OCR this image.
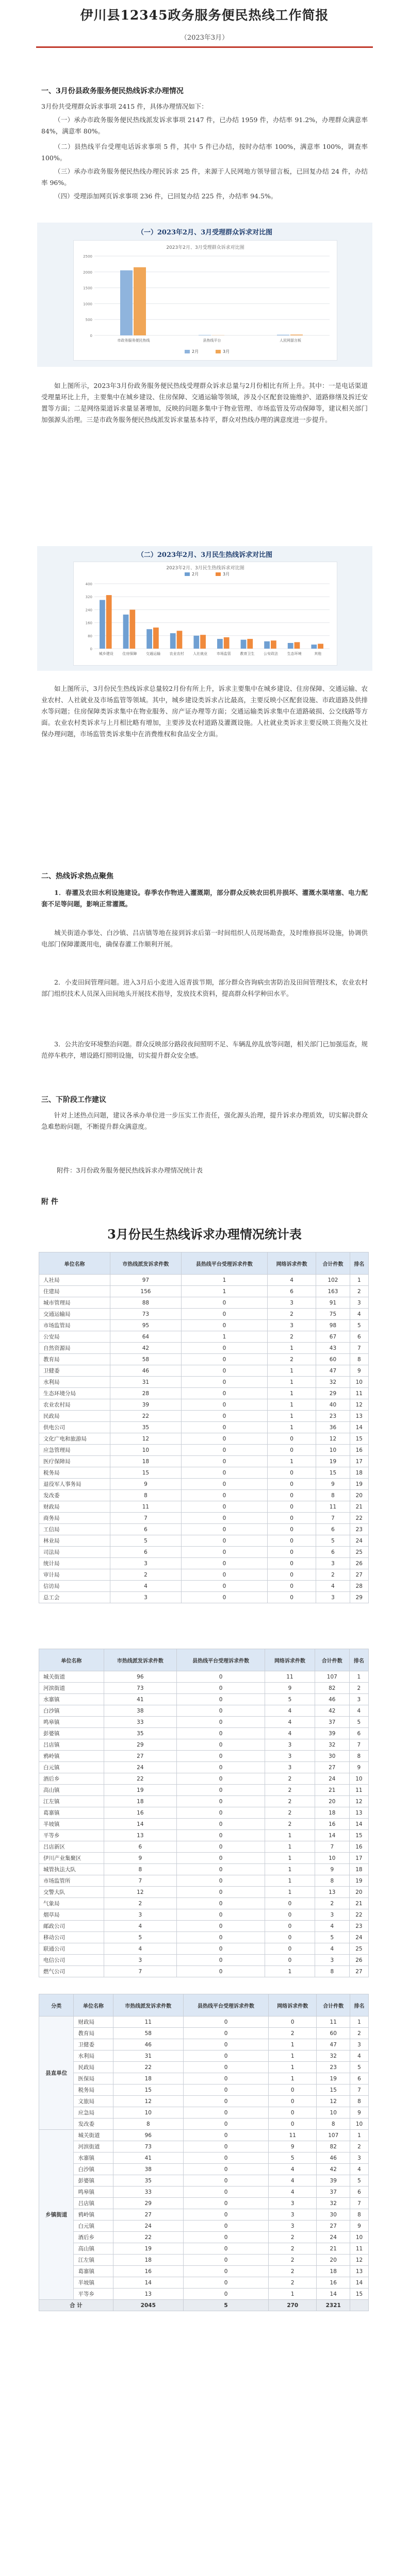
伊川县12345政务服务便民热线工作简报
（2023年3月）
一、3月份县政务服务便民热线诉求办理情况
3月份共受理群众诉求事项 2415 件，具体办理情况如下：
（一）承办市政务服务便民热线派发诉求事项 2147 件，已办结 1959 件，办结率 91.2%，办理群众满意率 84%，满意率 80%。
（二）县热线平台受理电话诉求事项 5 件，其中 5 件已办结，按时办结率 100%，满意率 100%，调查率 100%。
（三）承办市政务服务便民热线办理民诉求 25 件，来源于人民网地方领导留言板，已回复办结 24 件，办结率 96%。
（四）受理添加网页诉求事项 236 件，已回复办结 225 件，办结率 94.5%。
（一）2023年2月、3月受理群众诉求对比图
2023年2月、3月受理群众诉求对比图
0
500
1000
1500
2000
2500
市政务服务便民热线	县热线平台	人民网留言板
2月	3月
如上图所示，2023年3月份政务服务便民热线受理群众诉求总量与2月份相比有所上升。其中：一是电话渠道受理量环比上升，主要集中在城乡建设、住房保障、交通运输等领域，涉及小区配套设施维护、道路修缮及拆迁安置等方面；二是网络渠道诉求量显著增加，反映的问题多集中于物业管理、市场监管及劳动保障等，建议相关部门加强源头治理。三是市政务服务便民热线派发诉求量基本持平，群众对热线办理的满意度进一步提升。
（二）2023年2月、3月民生热线诉求对比图
2023年2月、3月民生热线诉求对比图
0
80
160
240
320
400
城乡建设	住房保障	交通运输	农业农村	人社就业	市场监管	教育卫生	公安政法	生态环境	其他
2月	3月
如上图所示，3月份民生热线诉求总量较2月份有所上升，诉求主要集中在城乡建设、住房保障、交通运输、农业农村、人社就业及市场监管等领域。其中，城乡建设类诉求占比最高，主要反映小区配套设施、市政道路及供排水等问题；住房保障类诉求集中在物业服务、房产证办理等方面；交通运输类诉求集中在道路破损、公交线路等方面。农业农村类诉求与上月相比略有增加，主要涉及农村道路及灌溉设施。人社就业类诉求主要反映工资拖欠及社保办理问题，市场监管类诉求集中在消费维权和食品安全方面。
二、热线诉求热点聚焦
1．春灌及农田水利设施建设。春季农作物进入灌溉期，部分群众反映农田机井损坏、灌溉水渠堵塞、电力配套不足等问题，影响正常灌溉。
城关街道办事处、白沙镇、吕店镇等地在接到诉求后第一时间组织人员现场勘查，及时维修损坏设施，协调供电部门保障灌溉用电，确保春灌工作顺利开展。
2．小麦田间管理问题。进入3月后小麦进入返青拔节期，部分群众咨询病虫害防治及田间管理技术，农业农村部门组织技术人员深入田间地头开展技术指导，发放技术资料，提高群众科学种田水平。
3．公共治安环境整治问题。群众反映部分路段夜间照明不足、车辆乱停乱放等问题，相关部门已加强巡查，规范停车秩序，增设路灯照明设施，切实提升群众安全感。
三、下阶段工作建议
针对上述热点问题，建议各承办单位进一步压实工作责任，强化源头治理，提升诉求办理质效，切实解决群众急难愁盼问题，不断提升群众满意度。
附件：3月份政务服务便民热线诉求办理情况统计表
附 件
3月份民生热线诉求办理情况统计表
单位名称	市热线派发诉求件数	县热线平台受理诉求件数	网络诉求件数	合计件数	排名
人社局	97	1	4	102	1
住建局	156	1	6	163	2
城市管理局	88	0	3	91	3
交通运输局	73	0	2	75	4
市场监管局	95	0	3	98	5
公安局	64	1	2	67	6
自然资源局	42	0	1	43	7
教育局	58	0	2	60	8
卫健委	46	0	1	47	9
水利局	31	0	1	32	10
生态环境分局	28	0	1	29	11
农业农村局	39	0	1	40	12
民政局	22	0	1	23	13
供电公司	35	0	1	36	14
文化广电和旅游局	12	0	0	12	15
应急管理局	10	0	0	10	16
医疗保障局	18	0	1	19	17
税务局	15	0	0	15	18
退役军人事务局	9	0	0	9	19
发改委	8	0	0	8	20
财政局	11	0	0	11	21
商务局	7	0	0	7	22
工信局	6	0	0	6	23
林业局	5	0	0	5	24
司法局	6	0	0	6	25
统计局	3	0	0	3	26
审计局	2	0	0	2	27
信访局	4	0	0	4	28
总工会	3	0	0	3	29
单位名称	市热线派发诉求件数	县热线平台受理诉求件数	网络诉求件数	合计件数	排名
城关街道	96	0	11	107	1
河滨街道	73	0	9	82	2
水寨镇	41	0	5	46	3
白沙镇	38	0	4	42	4
鸣皋镇	33	0	4	37	5
彭婆镇	35	0	4	39	6
吕店镇	29	0	3	32	7
鸦岭镇	27	0	3	30	8
白元镇	24	0	3	27	9
酒后乡	22	0	2	24	10
高山镇	19	0	2	21	11
江左镇	18	0	2	20	12
葛寨镇	16	0	2	18	13
半坡镇	14	0	2	16	14
平等乡	13	0	1	14	15
吕店新区	6	0	1	7	16
伊川产业集聚区	9	0	1	10	17
城管执法大队	8	0	1	9	18
市场监管所	7	0	1	8	19
交警大队	12	0	1	13	20
气象局	2	0	0	2	21
烟草局	3	0	0	3	22
邮政公司	4	0	0	4	23
移动公司	5	0	0	5	24
联通公司	4	0	0	4	25
电信公司	3	0	0	3	26
燃气公司	7	0	1	8	27
分类	单位名称	市热线派发诉求件数	县热线平台受理诉求件数	网络诉求件数	合计件数	排名
县直单位	财政局	11	0	0	11	1
	教育局	58	0	2	60	2
	卫健委	46	0	1	47	3
	水利局	31	0	1	32	4
	民政局	22	0	1	23	5
	医保局	18	0	1	19	6
	税务局	15	0	0	15	7
	文旅局	12	0	0	12	8
	应急局	10	0	0	10	9
	发改委	8	0	0	8	10
乡镇街道	城关街道	96	0	11	107	1
	河滨街道	73	0	9	82	2
	水寨镇	41	0	5	46	3
	白沙镇	38	0	4	42	4
	彭婆镇	35	0	4	39	5
	鸣皋镇	33	0	4	37	6
	吕店镇	29	0	3	32	7
	鸦岭镇	27	0	3	30	8
	白元镇	24	0	3	27	9
	酒后乡	22	0	2	24	10
	高山镇	19	0	2	21	11
	江左镇	18	0	2	20	12
	葛寨镇	16	0	2	18	13
	半坡镇	14	0	2	16	14
	平等乡	13	0	1	14	15
合 计		2045	5	270	2321	
